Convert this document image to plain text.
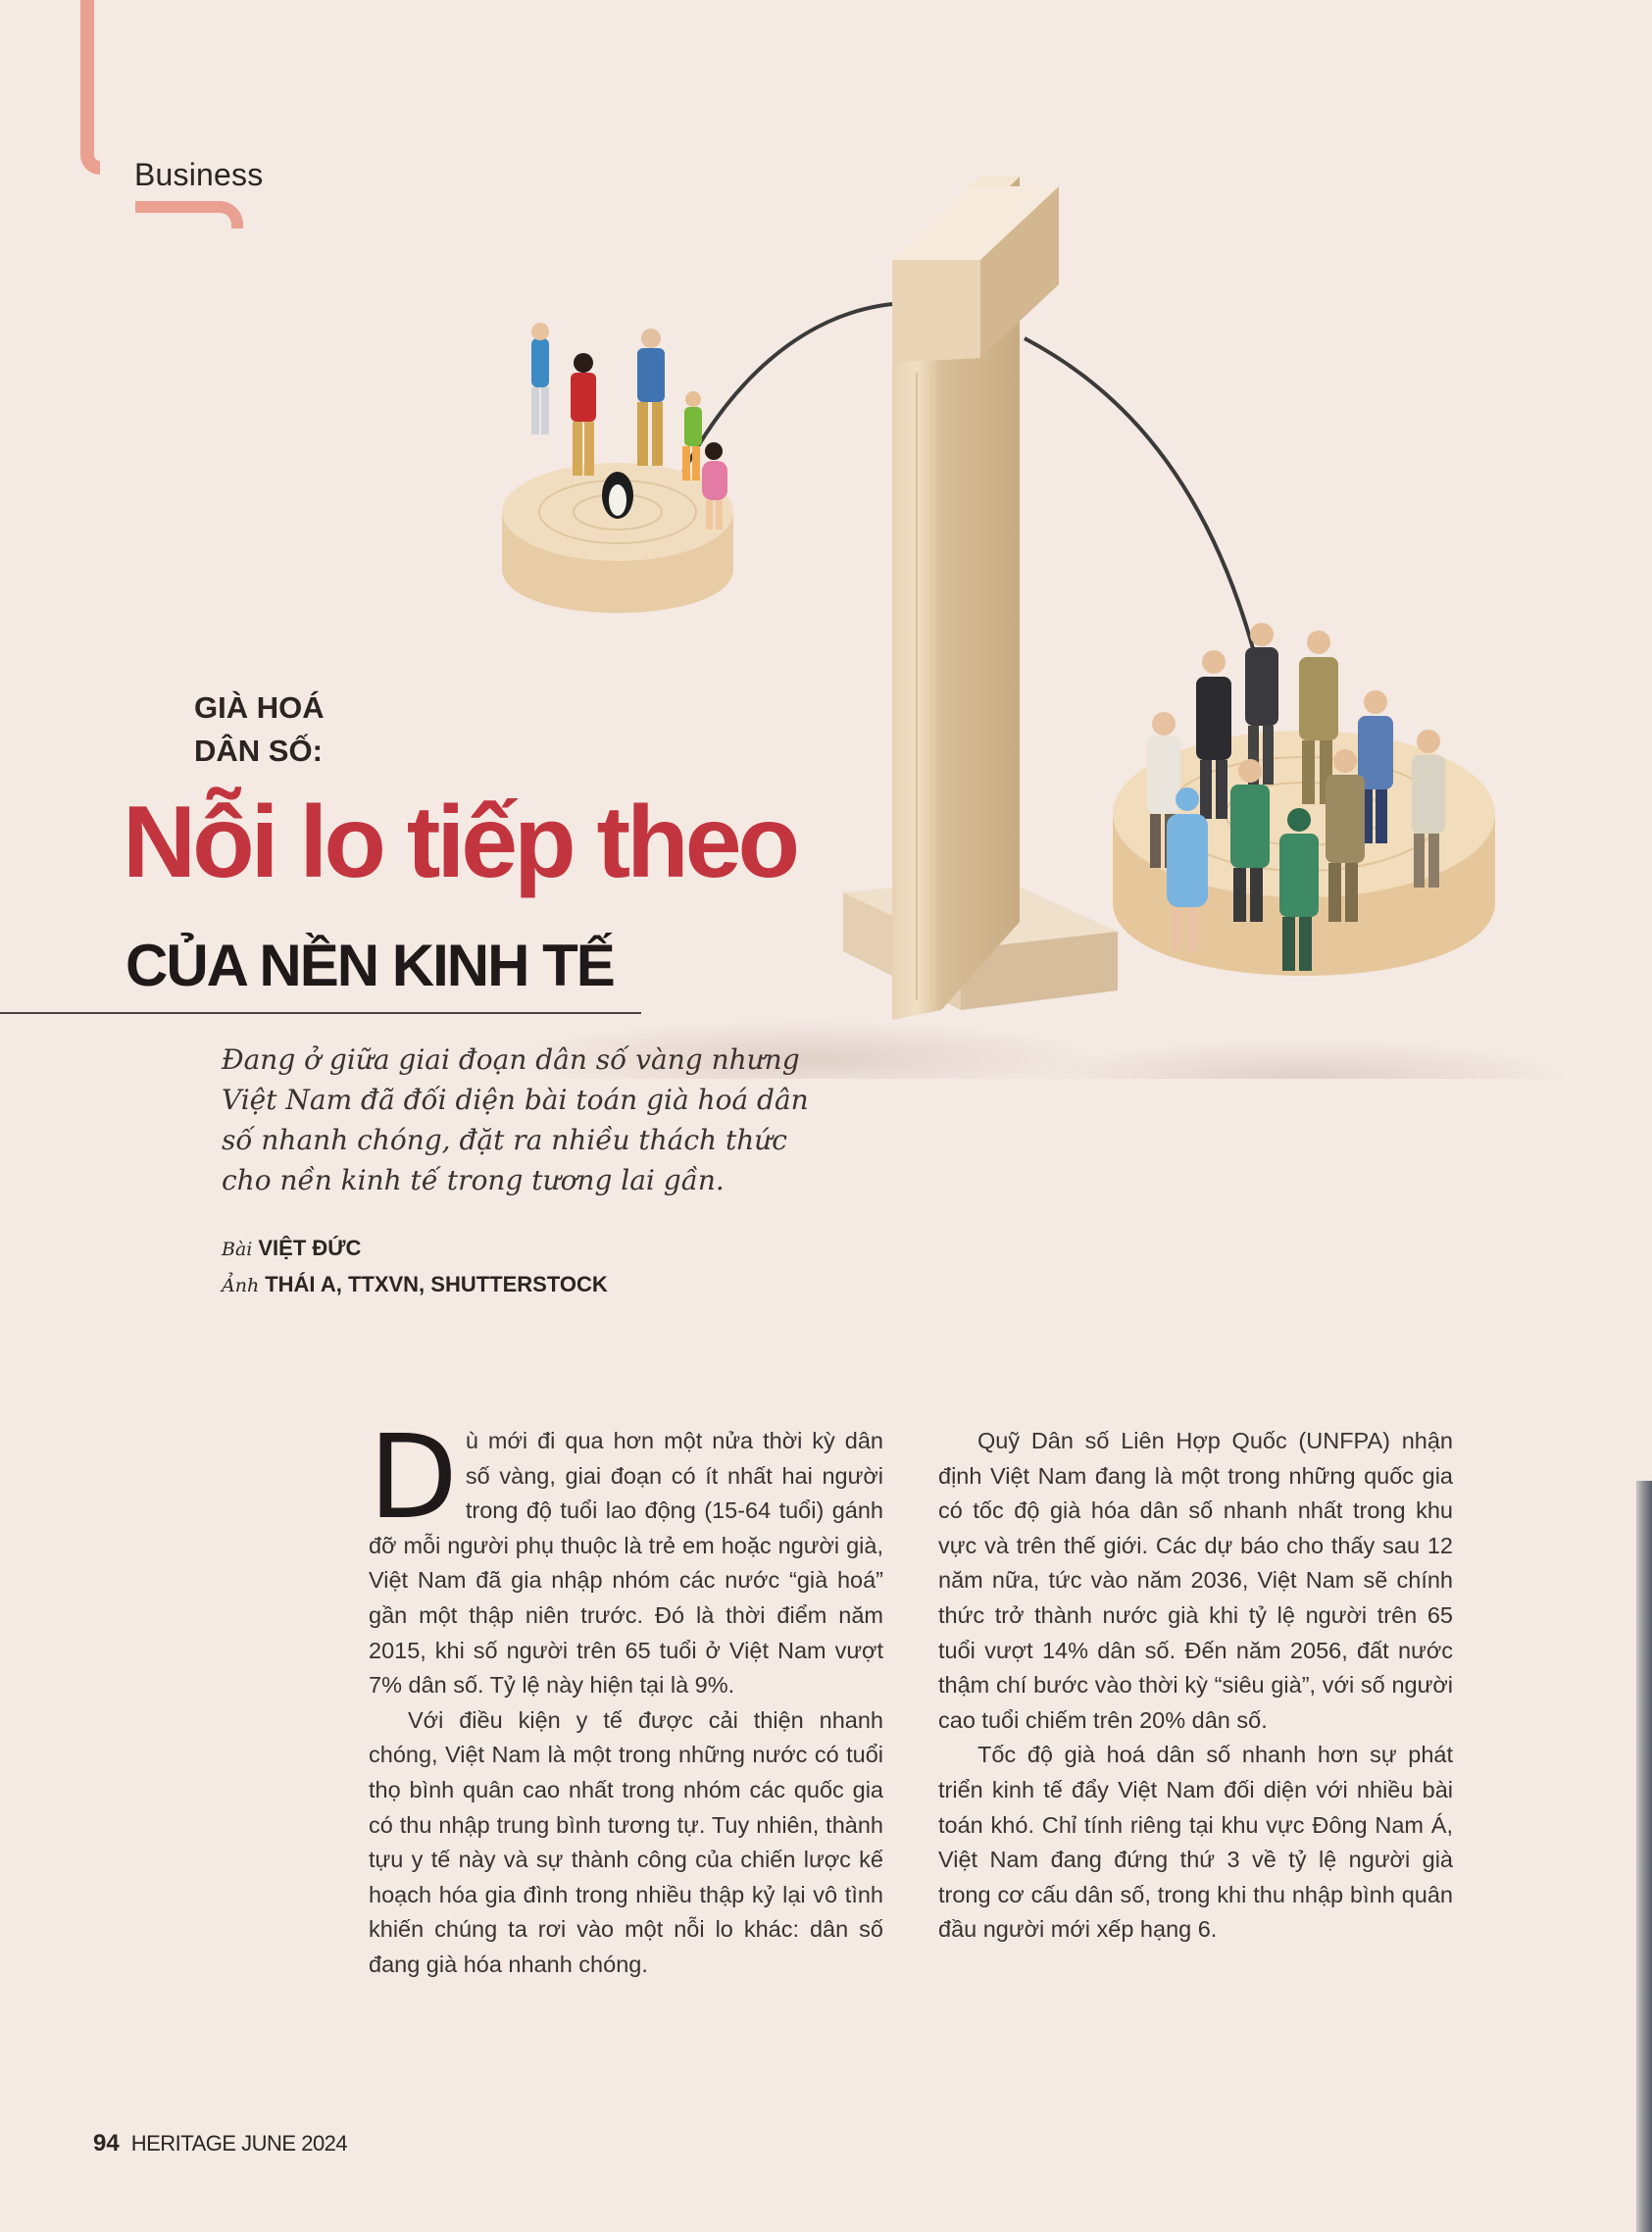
Business
GIÀ HOÁ
DÂN SỐ:
Nỗi lo tiếp theo
CỦA NỀN KINH TẾ
Đang ở giữa giai đoạn dân số vàng nhưng Việt Nam đã đối diện bài toán già hoá dân số nhanh chóng, đặt ra nhiều thách thức cho nền kinh tế trong tương lai gần.
Bài VIỆT ĐỨC
Ảnh THÁI A, TTXVN, SHUTTERSTOCK

Dù mới đi qua hơn một nửa thời kỳ dân số vàng, giai đoạn có ít nhất hai người trong độ tuổi lao động (15-64 tuổi) gánh đỡ mỗi người phụ thuộc là trẻ em hoặc người già, Việt Nam đã gia nhập nhóm các nước “già hoá” gần một thập niên trước. Đó là thời điểm năm 2015, khi số người trên 65 tuổi ở Việt Nam vượt 7% dân số. Tỷ lệ này hiện tại là 9%.

Với điều kiện y tế được cải thiện nhanh chóng, Việt Nam là một trong những nước có tuổi thọ bình quân cao nhất trong nhóm các quốc gia có thu nhập trung bình tương tự. Tuy nhiên, thành tựu y tế này và sự thành công của chiến lược kế hoạch hóa gia đình trong nhiều thập kỷ lại vô tình khiến chúng ta rơi vào một nỗi lo khác: dân số đang già hóa nhanh chóng.

Quỹ Dân số Liên Hợp Quốc (UNFPA) nhận định Việt Nam đang là một trong những quốc gia có tốc độ già hóa dân số nhanh nhất trong khu vực và trên thế giới. Các dự báo cho thấy sau 12 năm nữa, tức vào năm 2036, Việt Nam sẽ chính thức trở thành nước già khi tỷ lệ người trên 65 tuổi vượt 14% dân số. Đến năm 2056, đất nước thậm chí bước vào thời kỳ “siêu già”, với số người cao tuổi chiếm trên 20% dân số.

Tốc độ già hoá dân số nhanh hơn sự phát triển kinh tế đẩy Việt Nam đối diện với nhiều bài toán khó. Chỉ tính riêng tại khu vực Đông Nam Á, Việt Nam đang đứng thứ 3 về tỷ lệ người già trong cơ cấu dân số, trong khi thu nhập bình quân đầu người mới xếp hạng 6.

94 HERITAGE JUNE 2024
